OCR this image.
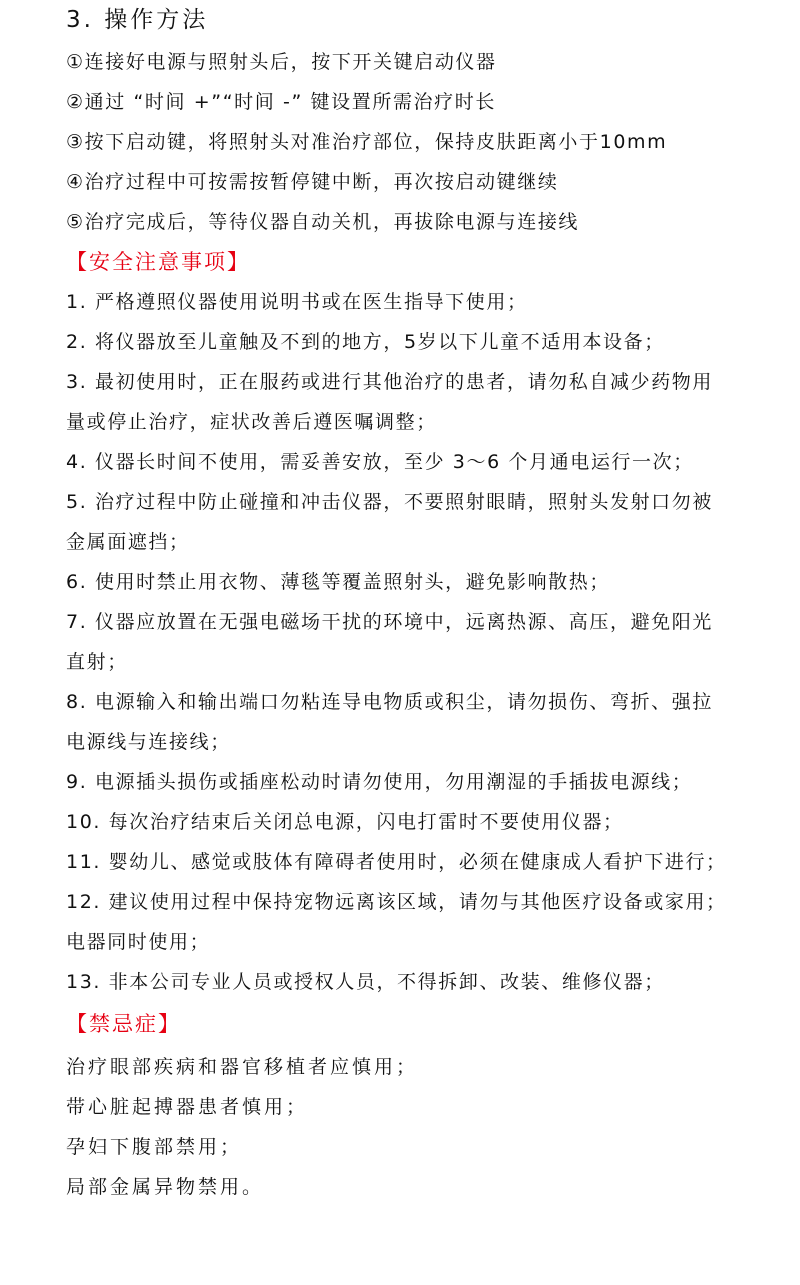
3. 操作方法
①连接好电源与照射头后，按下开关键启动仪器
②通过 “时间 +”“时间 -” 键设置所需治疗时长
③按下启动键，将照射头对准治疗部位，保持皮肤距离小于10mm
④治疗过程中可按需按暂停键中断，再次按启动键继续
⑤治疗完成后，等待仪器自动关机，再拔除电源与连接线
【安全注意事项】
1. 严格遵照仪器使用说明书或在医生指导下使用；
2. 将仪器放至儿童触及不到的地方，5岁以下儿童不适用本设备；
3. 最初使用时，正在服药或进行其他治疗的患者，请勿私自减少药物用
量或停止治疗，症状改善后遵医嘱调整；
4. 仪器长时间不使用，需妥善安放，至少 3～6 个月通电运行一次；
5. 治疗过程中防止碰撞和冲击仪器，不要照射眼睛，照射头发射口勿被
金属面遮挡；
6. 使用时禁止用衣物、薄毯等覆盖照射头，避免影响散热；
7. 仪器应放置在无强电磁场干扰的环境中，远离热源、高压，避免阳光
直射；
8. 电源输入和输出端口勿粘连导电物质或积尘，请勿损伤、弯折、强拉
电源线与连接线；
9. 电源插头损伤或插座松动时请勿使用，勿用潮湿的手插拔电源线；
10. 每次治疗结束后关闭总电源，闪电打雷时不要使用仪器；
11. 婴幼儿、感觉或肢体有障碍者使用时，必须在健康成人看护下进行；
12. 建议使用过程中保持宠物远离该区域，请勿与其他医疗设备或家用；
电器同时使用；
13. 非本公司专业人员或授权人员，不得拆卸、改装、维修仪器；
【禁忌症】
治疗眼部疾病和器官移植者应慎用；
带心脏起搏器患者慎用；
孕妇下腹部禁用；
局部金属异物禁用。
